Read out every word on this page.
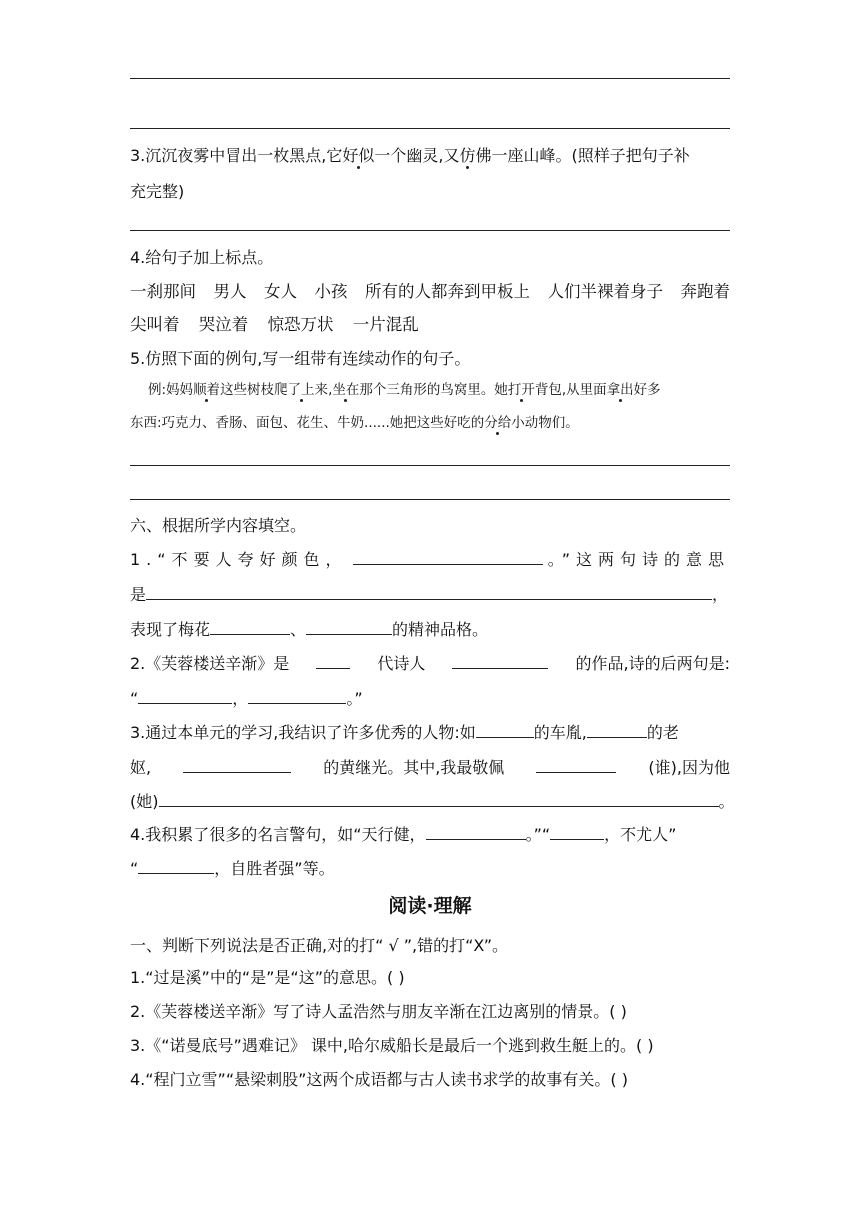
3.沉沉夜雾中冒出一枚黑点,它好似一个幽灵,又仿佛一座山峰。(照样子把句子补
充完整)
4.给句子加上标点。
一刹那间 男人 女人 小孩 所有的人都奔到甲板上 人们半裸着身子 奔跑着
尖叫着 哭泣着 惊恐万状 一片混乱
5.仿照下面的例句,写一组带有连续动作的句子。
例:妈妈顺着这些树枝爬了上来,坐在那个三角形的鸟窝里。她打开背包,从里面拿出好多
东西:巧克力、香肠、面包、花生、牛奶......她把这些好吃的分给小动物们。
六、根据所学内容填空。
1.“不要人夸好颜色，	。”这两句诗的意思
是	，
表现了梅花	、	的精神品格。
2.《芙蓉楼送辛渐》是	代诗人	的作品,诗的后两句是:
“	，	。”
3.通过本单元的学习,我结识了许多优秀的人物:如	的车胤,	的老
妪,	的黄继光。其中,我最敬佩	(谁),因为他
(她)	。
4.我积累了很多的名言警句，如“天行健，	。”“	，不尤人”
“	，自胜者强”等。
阅读·理解
一、判断下列说法是否正确,对的打“ √ ”,错的打“X”。
1.“过是溪”中的“是”是“这”的意思。( )
2.《芙蓉楼送辛渐》写了诗人孟浩然与朋友辛渐在江边离别的情景。( )
3.《“诺曼底号”遇难记》 课中,哈尔威船长是最后一个逃到救生艇上的。( )
4.“程门立雪”“悬梁刺股”这两个成语都与古人读书求学的故事有关。( )
